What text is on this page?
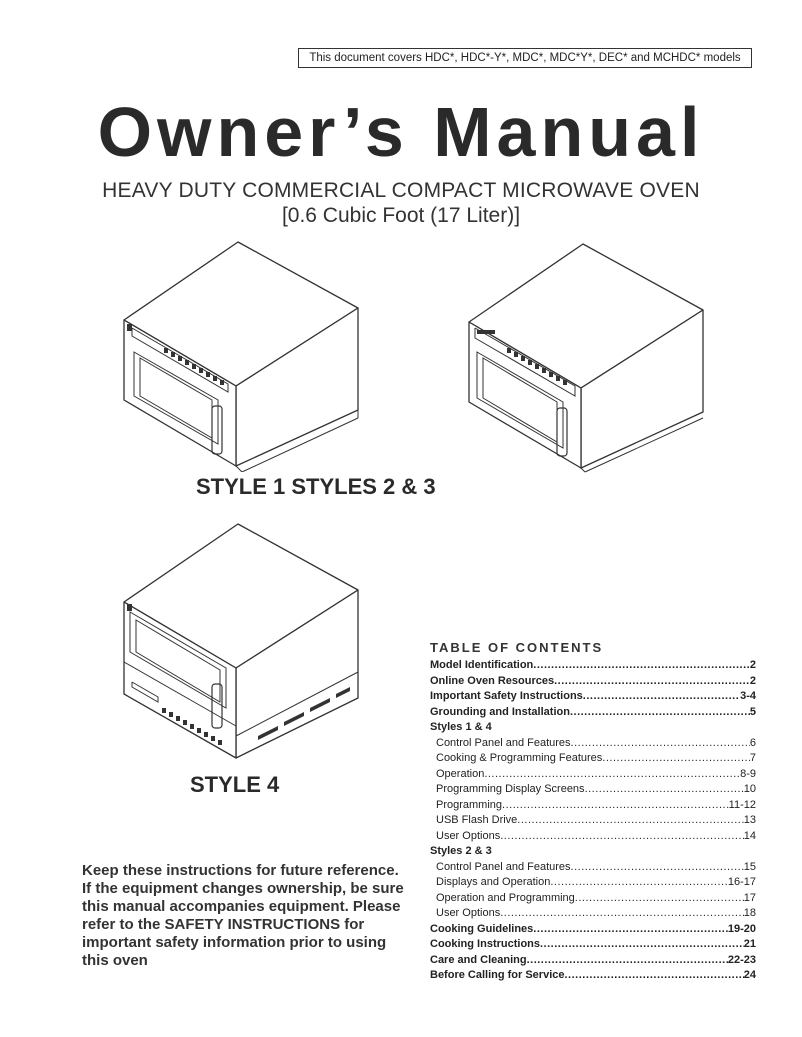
This document covers HDC*, HDC*-Y*, MDC*, MDC*Y*, DEC* and MCHDC* models
Owner’s Manual
HEAVY DUTY COMMERCIAL COMPACT MICROWAVE OVEN
[0.6 Cubic Foot (17 Liter)]
STYLE 1 STYLES 2 & 3
STYLE 4
Keep these instructions for future reference. If the equipment changes ownership, be sure this manual accompanies equipment. Please refer to the SAFETY INSTRUCTIONS for important safety information prior to using this oven
TABLE OF CONTENTS
Model Identification .....	2
Online Oven Resources .....	2
Important Safety Instructions .....	3-4
Grounding and Installation .....	5
Styles 1 & 4
Control Panel and Features .....	6
Cooking & Programming Features .....	7
Operation .....	8-9
Programming Display Screens .....	10
Programming .....	11-12
USB Flash Drive .....	13
User Options .....	14
Styles 2 & 3
Control Panel and Features .....	15
Displays and Operation .....	16-17
Operation and Programming .....	17
User Options .....	18
Cooking Guidelines .....	19-20
Cooking Instructions .....	21
Care and Cleaning .....	22-23
Before Calling for Service .....	24
